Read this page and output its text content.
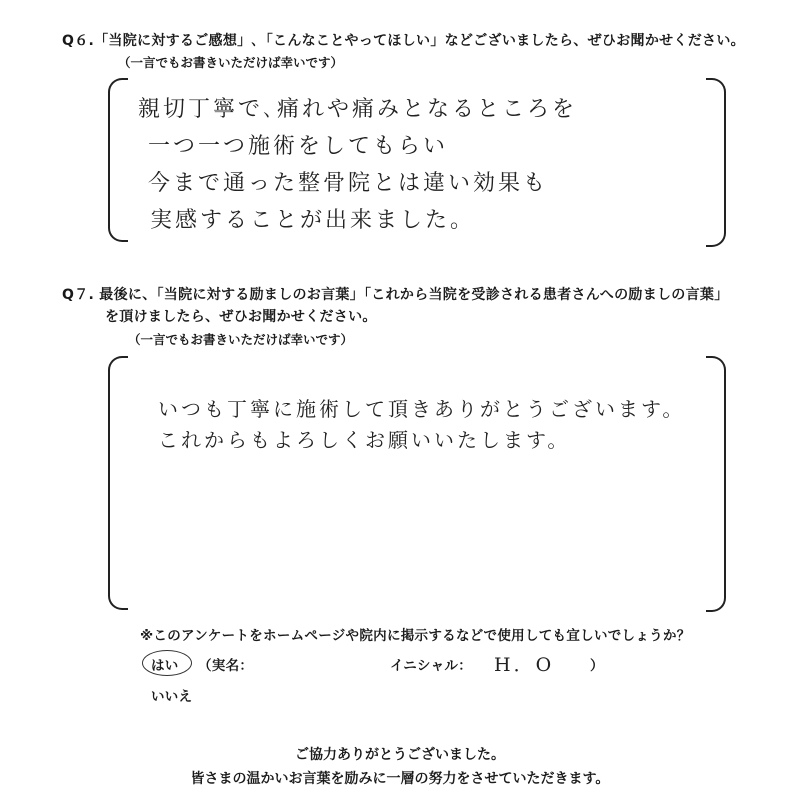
Q６.「当院に対するご感想」､「こんなことやってほしい」などございましたら、ぜひお聞かせください。
（一言でもお書きいただけば幸いです）
親切丁寧で､痛れや痛みとなるところを
一つ一つ施術をしてもらい
今まで通った整骨院とは違い効果も
実感することが出来ました。
Q７. 最後に、「当院に対する励ましのお言葉」「これから当院を受診される患者さんへの励ましの言葉」
を頂けましたら、ぜひお聞かせください。
（一言でもお書きいただけば幸いです）
いつも丁寧に施術して頂きありがとうございます。
これからもよろしくお願いいたします。
※このアンケートをホームページや院内に掲示するなどで使用しても宜しいでしょうか？
はい （実名：	イニシャル： H．O	）
いいえ
ご協力ありがとうございました。
皆さまの温かいお言葉を励みに一層の努力をさせていただきます。
